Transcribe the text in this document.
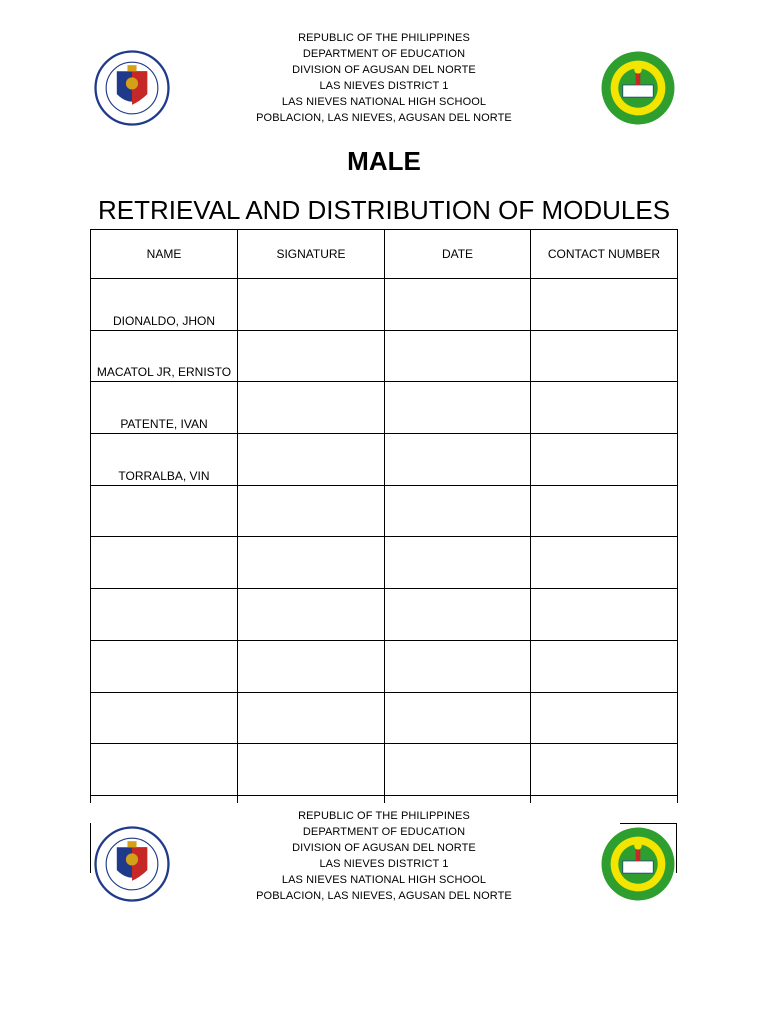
REPUBLIC OF THE PHILIPPINES
DEPARTMENT OF EDUCATION
DIVISION OF AGUSAN DEL NORTE
LAS NIEVES DISTRICT 1
LAS NIEVES NATIONAL HIGH SCHOOL
POBLACION, LAS NIEVES, AGUSAN DEL NORTE
MALE
RETRIEVAL AND DISTRIBUTION OF MODULES
NAME	SIGNATURE	DATE	CONTACT NUMBER
DIONALDO, JHON			
MACATOL JR, ERNISTO			
PATENTE, IVAN			
TORRALBA, VIN			

REPUBLIC OF THE PHILIPPINES
DEPARTMENT OF EDUCATION
DIVISION OF AGUSAN DEL NORTE
LAS NIEVES DISTRICT 1
LAS NIEVES NATIONAL HIGH SCHOOL
POBLACION, LAS NIEVES, AGUSAN DEL NORTE
